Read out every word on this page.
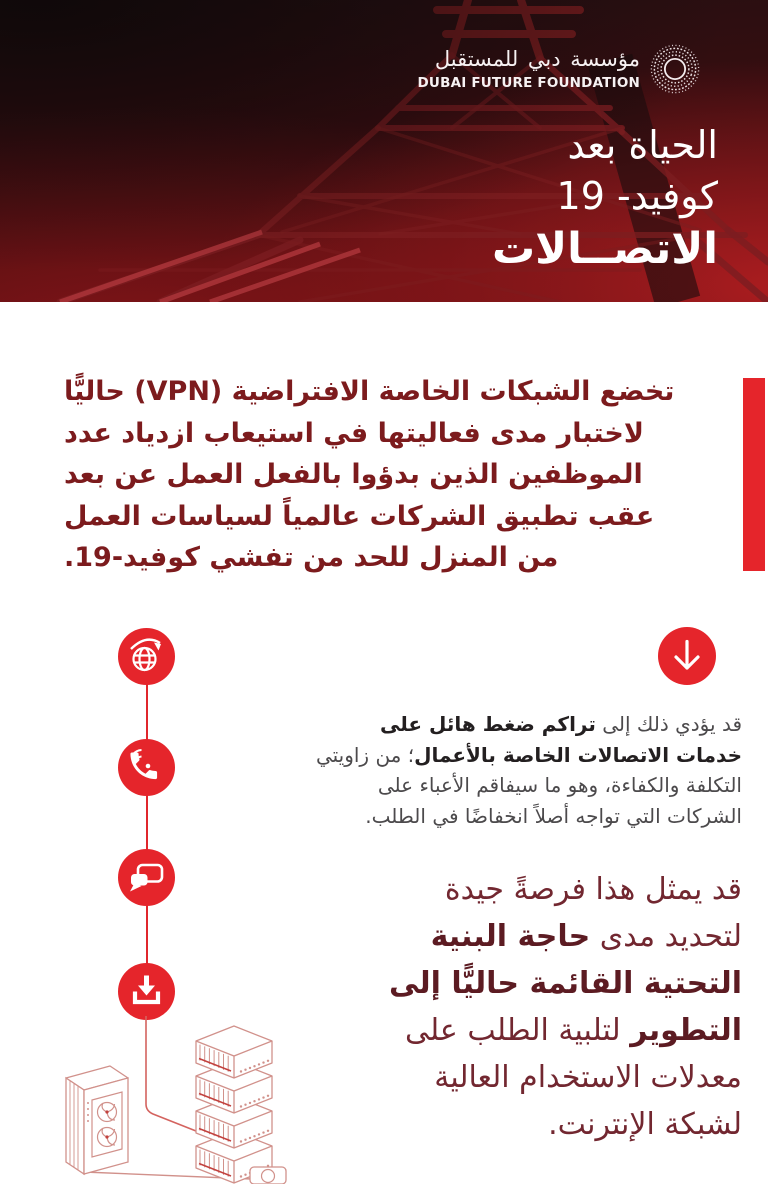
مؤسسة دبي للمستقبل
DUBAI FUTURE FOUNDATION
الحياة بعد
كوفيد- 19
الاتصــالات
تخضع الشبكات الخاصة الافتراضية (VPN) حاليًّا
لاختبار مدى فعاليتها في استيعاب ازدياد عدد
الموظفين الذين بدؤوا بالفعل العمل عن بعد
عقب تطبيق الشركات عالمياً لسياسات العمل
من المنزل للحد من تفشي كوفيد-19.
قد يؤدي ذلك إلى تراكم ضغط هائل على
خدمات الاتصالات الخاصة بالأعمال؛ من زاويتي
التكلفة والكفاءة، وهو ما سيفاقم الأعباء على
الشركات التي تواجه أصلاً انخفاضًا في الطلب.
قد يمثل هذا فرصةً جيدة
لتحديد مدى حاجة البنية
التحتية القائمة حاليًّا إلى
التطوير لتلبية الطلب على
معدلات الاستخدام العالية
لشبكة الإنترنت.
